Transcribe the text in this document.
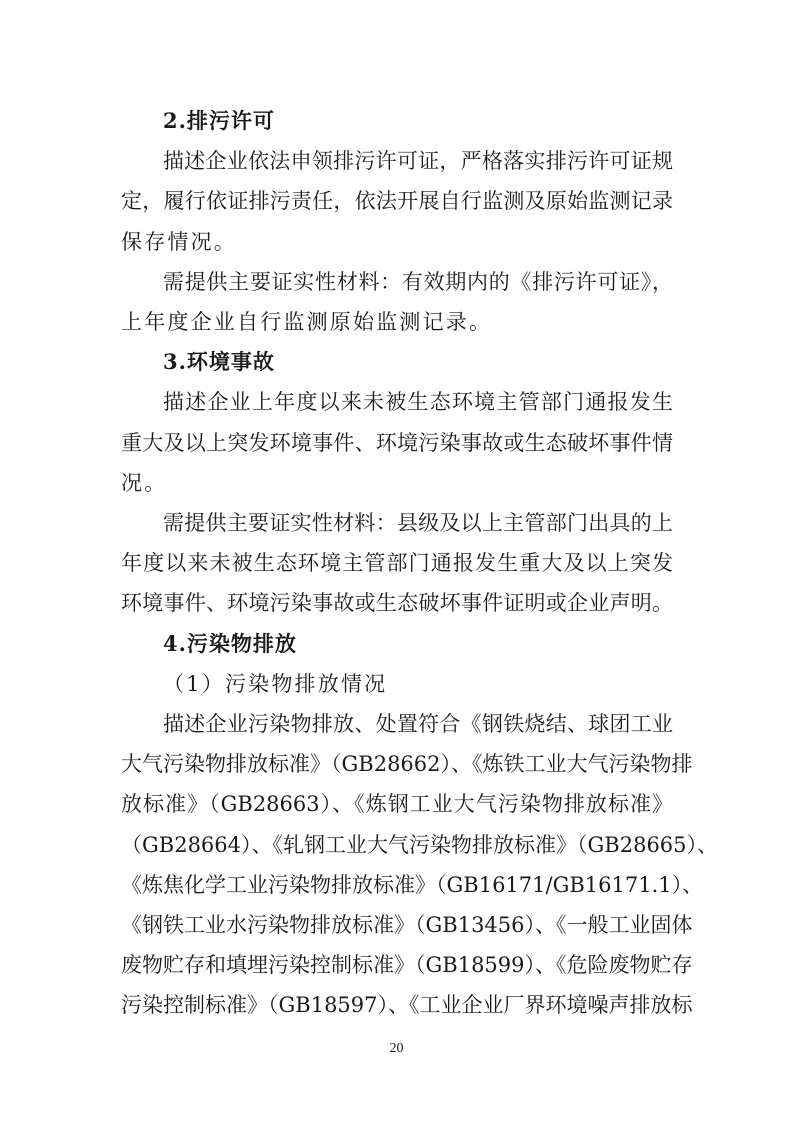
2.排污许可
描述企业依法申领排污许可证，严格落实排污许可证规
定，履行依证排污责任，依法开展自行监测及原始监测记录
保存情况。
需提供主要证实性材料：有效期内的《排污许可证》，
上年度企业自行监测原始监测记录。
3.环境事故
描述企业上年度以来未被生态环境主管部门通报发生
重大及以上突发环境事件、环境污染事故或生态破坏事件情
况。
需提供主要证实性材料：县级及以上主管部门出具的上
年度以来未被生态环境主管部门通报发生重大及以上突发
环境事件、环境污染事故或生态破坏事件证明或企业声明。
4.污染物排放
（1）污染物排放情况
描述企业污染物排放、处置符合《钢铁烧结、球团工业
大气污染物排放标准》（GB28662）、《炼铁工业大气污染物排
放标准》（GB28663）、《炼钢工业大气污染物排放标准》
（GB28664）、《轧钢工业大气污染物排放标准》（GB28665）、
《炼焦化学工业污染物排放标准》（GB16171/GB16171.1）、
《钢铁工业水污染物排放标准》（GB13456）、《一般工业固体
废物贮存和填埋污染控制标准》（GB18599）、《危险废物贮存
污染控制标准》（GB18597）、《工业企业厂界环境噪声排放标
20
